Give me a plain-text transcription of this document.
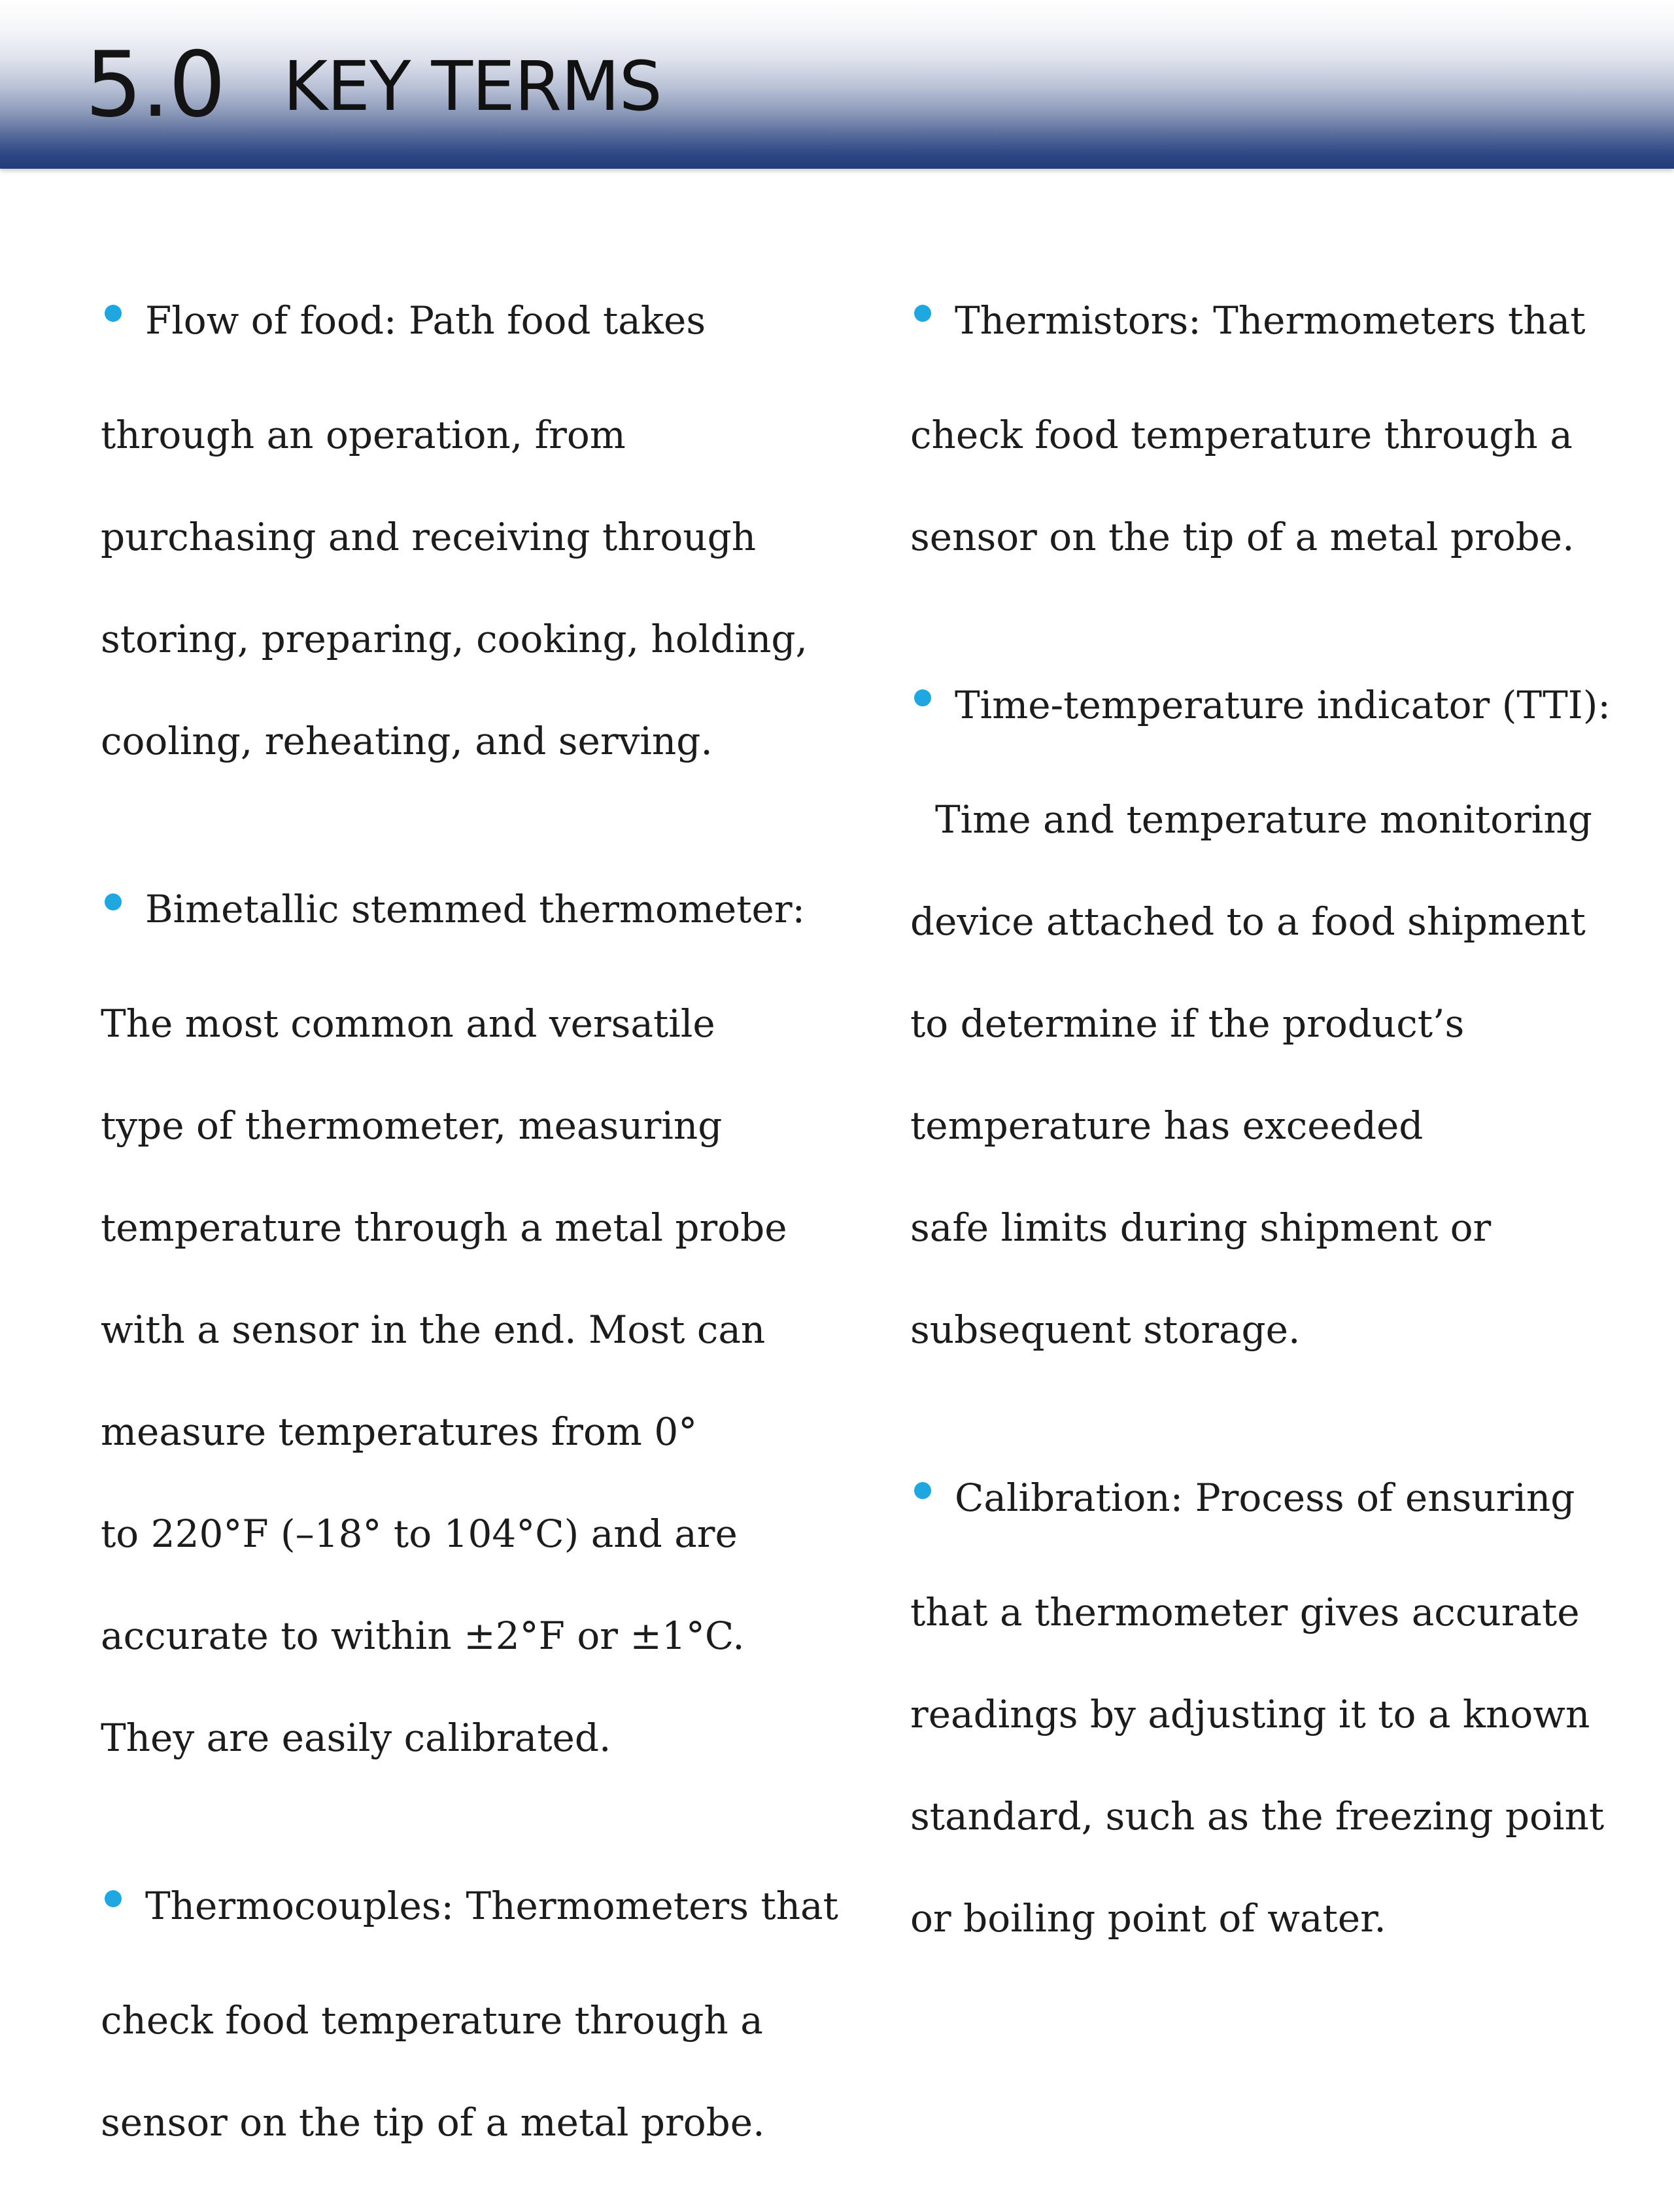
5.0 KEY TERMS

Flow of food: Path food takes

through an operation, from

purchasing and receiving through

storing, preparing, cooking, holding,

cooling, reheating, and serving.

Bimetallic stemmed thermometer:

The most common and versatile

type of thermometer, measuring

temperature through a metal probe

with a sensor in the end. Most can

measure temperatures from 0°

to 220°F (–18° to 104°C) and are

accurate to within ±2°F or ±1°C.

They are easily calibrated.

Thermocouples: Thermometers that

check food temperature through a

sensor on the tip of a metal probe.

Thermistors: Thermometers that

check food temperature through a

sensor on the tip of a metal probe.

Time-temperature indicator (TTI):

Time and temperature monitoring

device attached to a food shipment

to determine if the product’s

temperature has exceeded

safe limits during shipment or

subsequent storage.

Calibration: Process of ensuring

that a thermometer gives accurate

readings by adjusting it to a known

standard, such as the freezing point

or boiling point of water.
